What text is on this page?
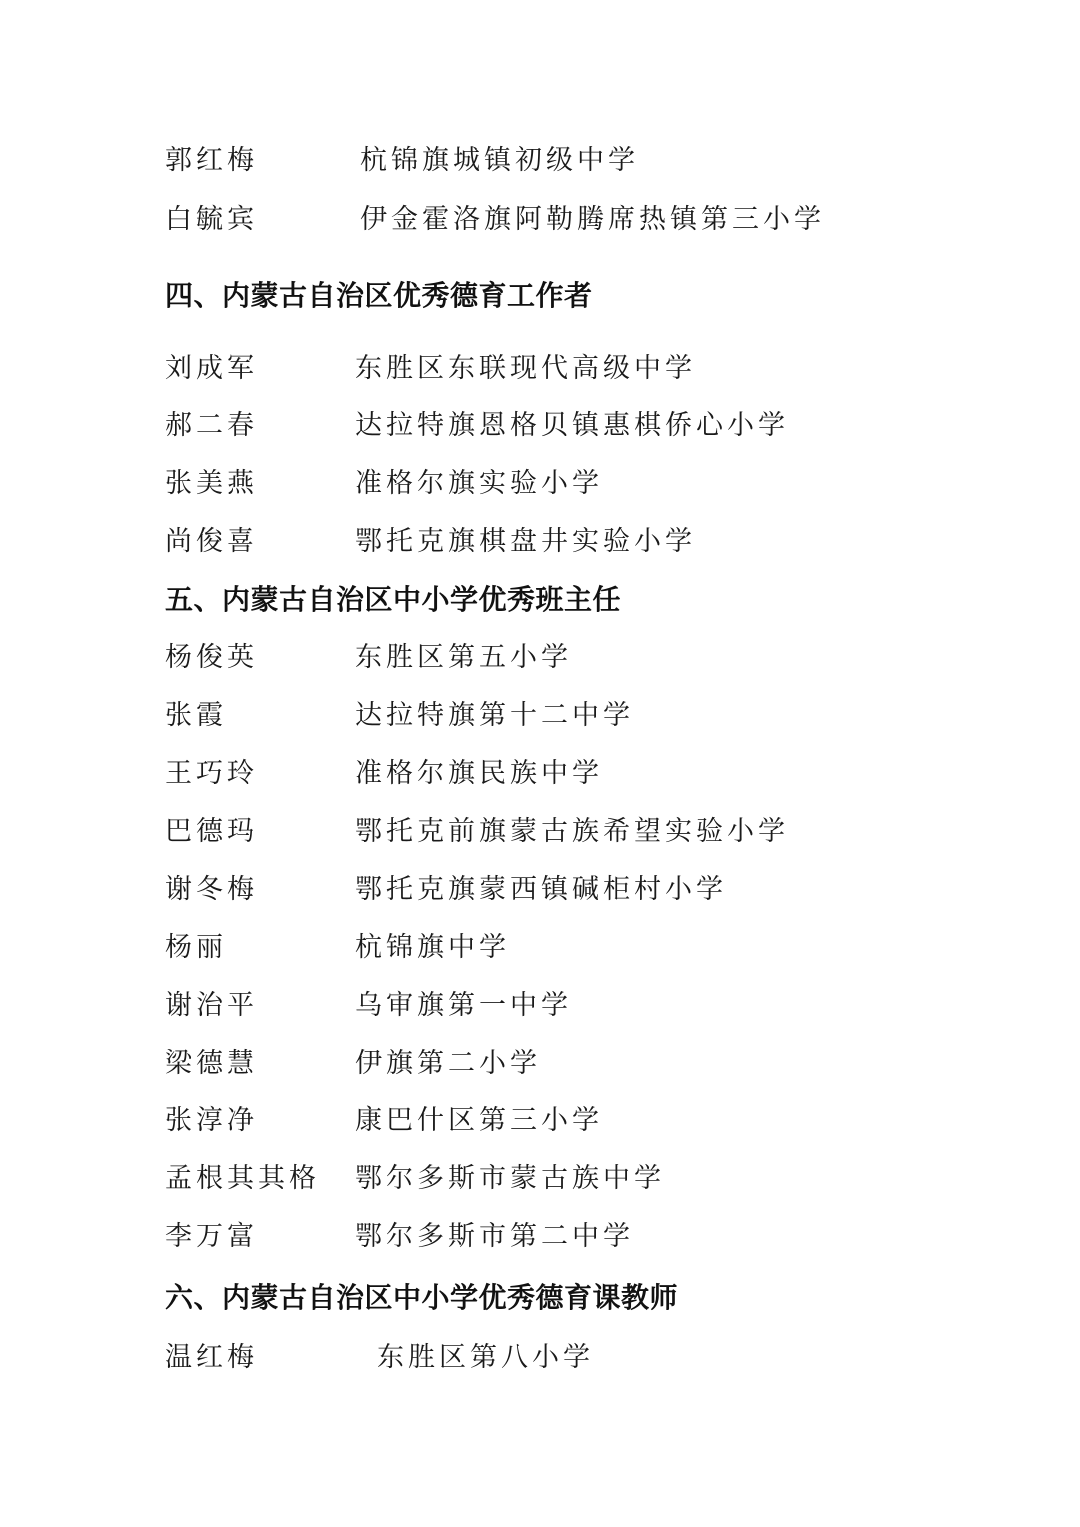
郭红梅	杭锦旗城镇初级中学
白毓宾	伊金霍洛旗阿勒腾席热镇第三小学
四、内蒙古自治区优秀德育工作者
刘成军	东胜区东联现代高级中学
郝二春	达拉特旗恩格贝镇惠棋侨心小学
张美燕	准格尔旗实验小学
尚俊喜	鄂托克旗棋盘井实验小学
五、内蒙古自治区中小学优秀班主任
杨俊英	东胜区第五小学
张霞	达拉特旗第十二中学
王巧玲	准格尔旗民族中学
巴德玛	鄂托克前旗蒙古族希望实验小学
谢冬梅	鄂托克旗蒙西镇碱柜村小学
杨丽	杭锦旗中学
谢治平	乌审旗第一中学
梁德慧	伊旗第二小学
张淳净	康巴什区第三小学
孟根其其格 鄂尔多斯市蒙古族中学
李万富	鄂尔多斯市第二中学
六、内蒙古自治区中小学优秀德育课教师
温红梅	东胜区第八小学
